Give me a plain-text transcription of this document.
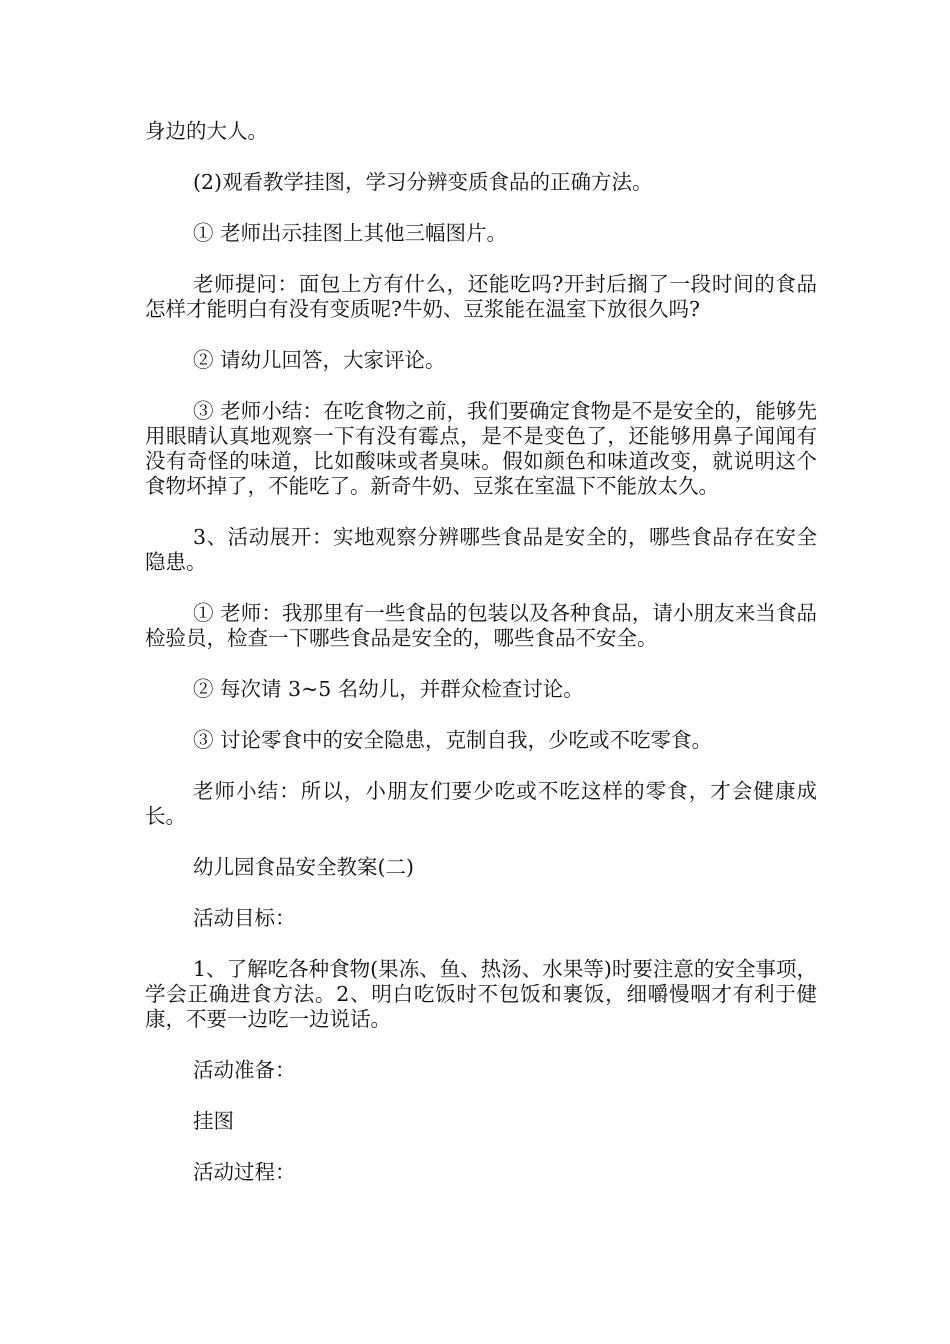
身边的大人。

(2)观看教学挂图，学习分辨变质食品的正确方法。

① 老师出示挂图上其他三幅图片。

老师提问：面包上方有什么，还能吃吗?开封后搁了一段时间的食品怎样才能明白有没有变质呢?牛奶、豆浆能在温室下放很久吗?

② 请幼儿回答，大家评论。

③ 老师小结：在吃食物之前，我们要确定食物是不是安全的，能够先用眼睛认真地观察一下有没有霉点，是不是变色了，还能够用鼻子闻闻有没有奇怪的味道，比如酸味或者臭味。假如颜色和味道改变，就说明这个食物坏掉了，不能吃了。新奇牛奶、豆浆在室温下不能放太久。

3、活动展开：实地观察分辨哪些食品是安全的，哪些食品存在安全隐患。

① 老师：我那里有一些食品的包装以及各种食品，请小朋友来当食品检验员，检查一下哪些食品是安全的，哪些食品不安全。

② 每次请 3~5 名幼儿，并群众检查讨论。

③ 讨论零食中的安全隐患，克制自我，少吃或不吃零食。

老师小结：所以，小朋友们要少吃或不吃这样的零食，才会健康成长。

幼儿园食品安全教案(二)

活动目标：

1、了解吃各种食物(果冻、鱼、热汤、水果等)时要注意的安全事项，学会正确进食方法。2、明白吃饭时不包饭和裹饭，细嚼慢咽才有利于健康，不要一边吃一边说话。

活动准备：

挂图

活动过程：
